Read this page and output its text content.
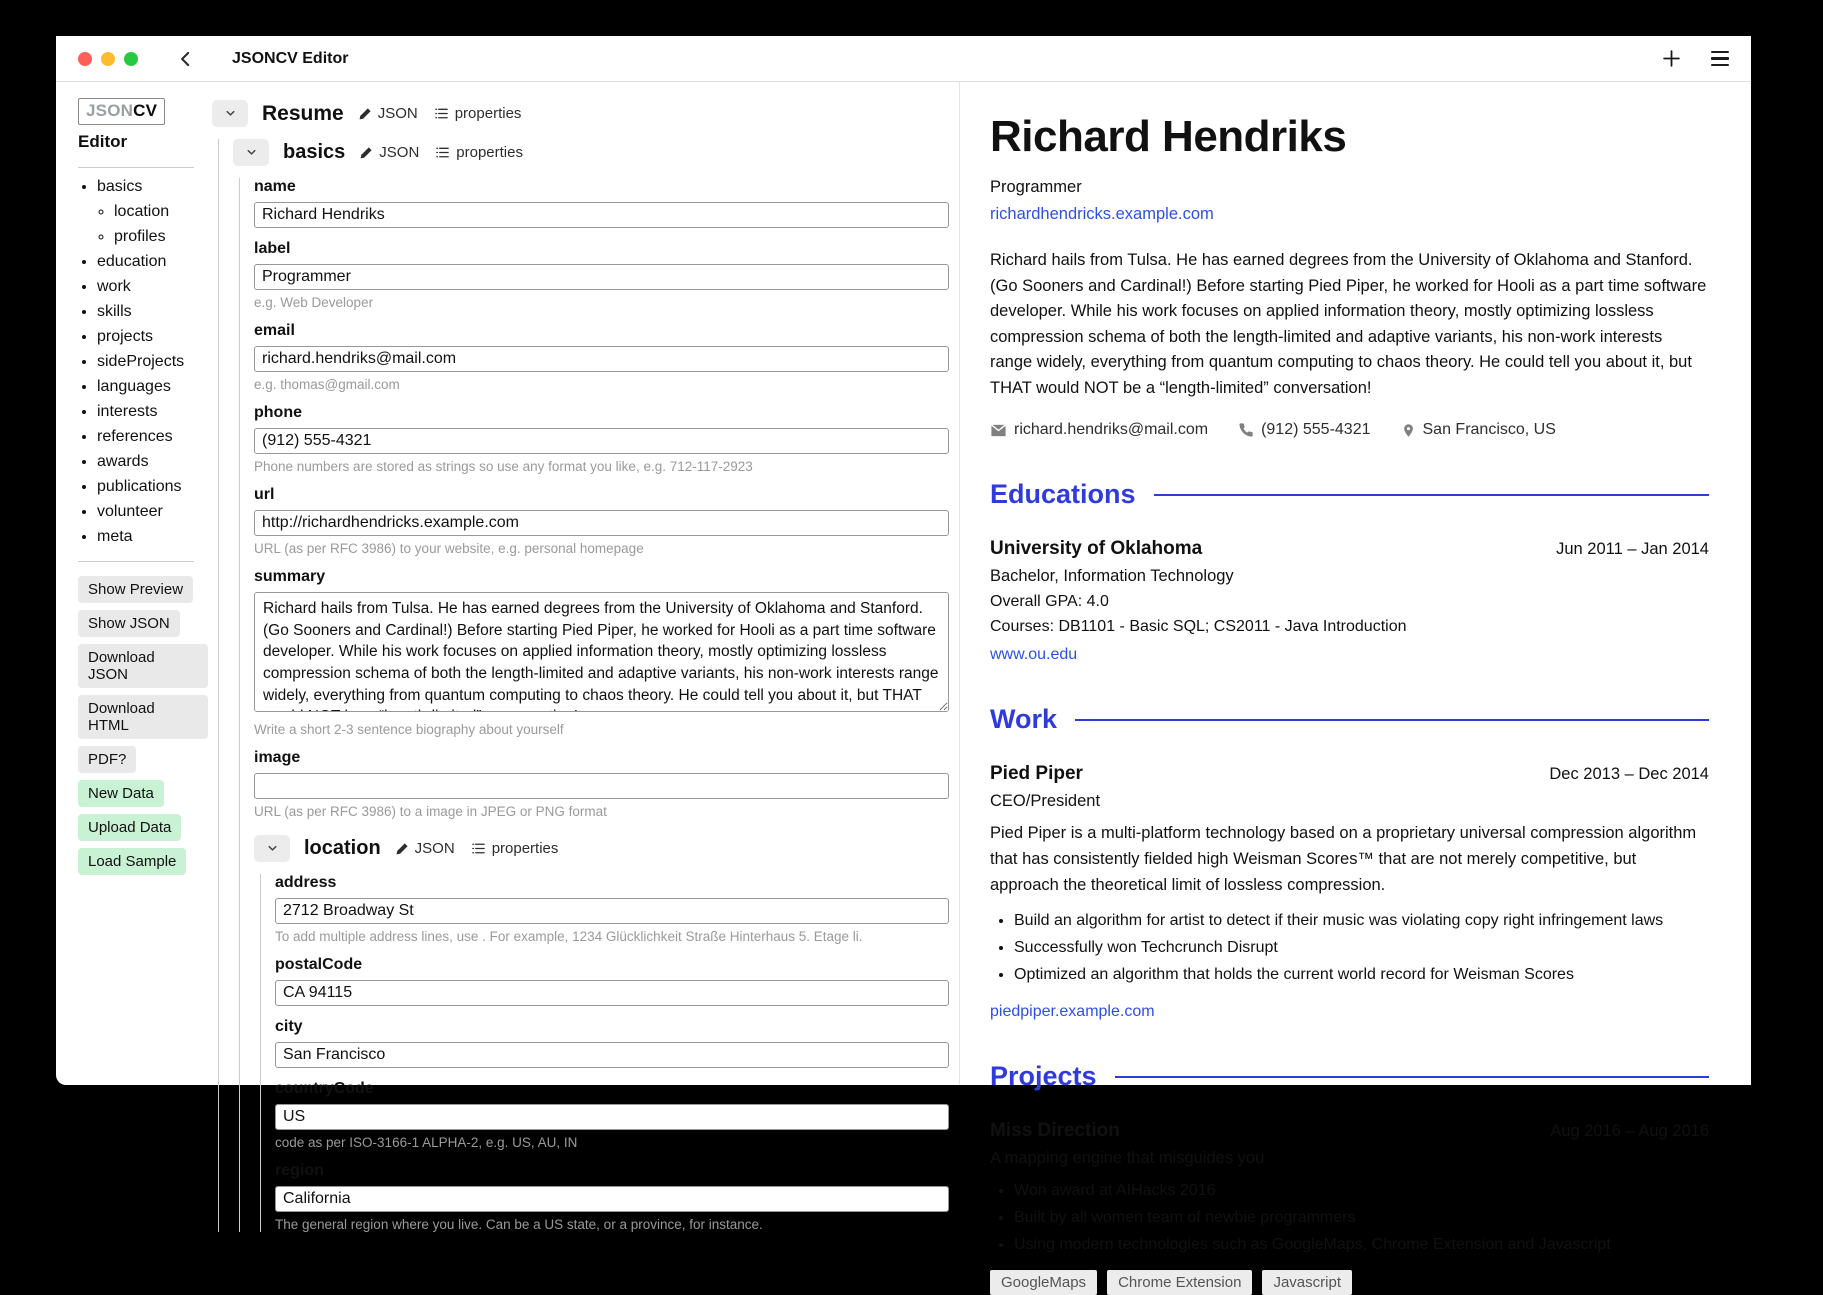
JSONCV Editor
JSONCV
Editor
• basics
◦ location
◦ profiles
• education
• work
• skills
• projects
• sideProjects
• languages
• interests
• references
• awards
• publications
• volunteer
• meta
Show Preview
Show JSON
Download JSON
Download HTML
PDF?
New Data
Upload Data
Load Sample
Resume JSON properties
basics JSON properties
name
Richard Hendriks
label
Programmer
e.g. Web Developer
email
richard.hendriks@mail.com
e.g. thomas@gmail.com
phone
(912) 555-4321
Phone numbers are stored as strings so use any format you like, e.g. 712-117-2923
url
http://richardhendricks.example.com
URL (as per RFC 3986) to your website, e.g. personal homepage
summary
Richard hails from Tulsa. He has earned degrees from the University of Oklahoma and Stanford. (Go Sooners and Cardinal!) Before starting Pied Piper, he worked for Hooli as a part time software developer. While his work focuses on applied information theory, mostly optimizing lossless compression schema of both the length-limited and adaptive variants, his non-work interests range widely, everything from quantum computing to chaos theory. He could tell you about it, but THAT would NOT be a “length-limited” conversation!
Write a short 2-3 sentence biography about yourself
image
URL (as per RFC 3986) to a image in JPEG or PNG format
location JSON properties
address
2712 Broadway St
To add multiple address lines, use . For example, 1234 Glücklichkeit Straße Hinterhaus 5. Etage li.
postalCode
CA 94115
city
San Francisco
countryCode
US
code as per ISO-3166-1 ALPHA-2, e.g. US, AU, IN
region
California
The general region where you live. Can be a US state, or a province, for instance.
Richard Hendriks
Programmer
richardhendricks.example.com

Richard hails from Tulsa. He has earned degrees from the University of Oklahoma and Stanford. (Go Sooners and Cardinal!) Before starting Pied Piper, he worked for Hooli as a part time software developer. While his work focuses on applied information theory, mostly optimizing lossless compression schema of both the length-limited and adaptive variants, his non-work interests range widely, everything from quantum computing to chaos theory. He could tell you about it, but THAT would NOT be a “length-limited” conversation!

richard.hendriks@mail.com	(912) 555-4321	San Francisco, US
Educations
University of Oklahoma	Jun 2011 – Jan 2014
Bachelor, Information Technology
Overall GPA: 4.0
Courses: DB1101 - Basic SQL; CS2011 - Java Introduction
www.ou.edu
Work
Pied Piper	Dec 2013 – Dec 2014
CEO/President

Pied Piper is a multi-platform technology based on a proprietary universal compression algorithm that has consistently fielded high Weisman Scores™ that are not merely competitive, but approach the theoretical limit of lossless compression.

• Build an algorithm for artist to detect if their music was violating copy right infringement laws
• Successfully won Techcrunch Disrupt
• Optimized an algorithm that holds the current world record for Weisman Scores
piedpiper.example.com
Projects
Miss Direction	Aug 2016 – Aug 2016
A mapping engine that misguides you
• Won award at AIHacks 2016
• Built by all women team of newbie programmers
• Using modern technologies such as GoogleMaps, Chrome Extension and Javascript
GoogleMaps	Chrome Extension	Javascript
